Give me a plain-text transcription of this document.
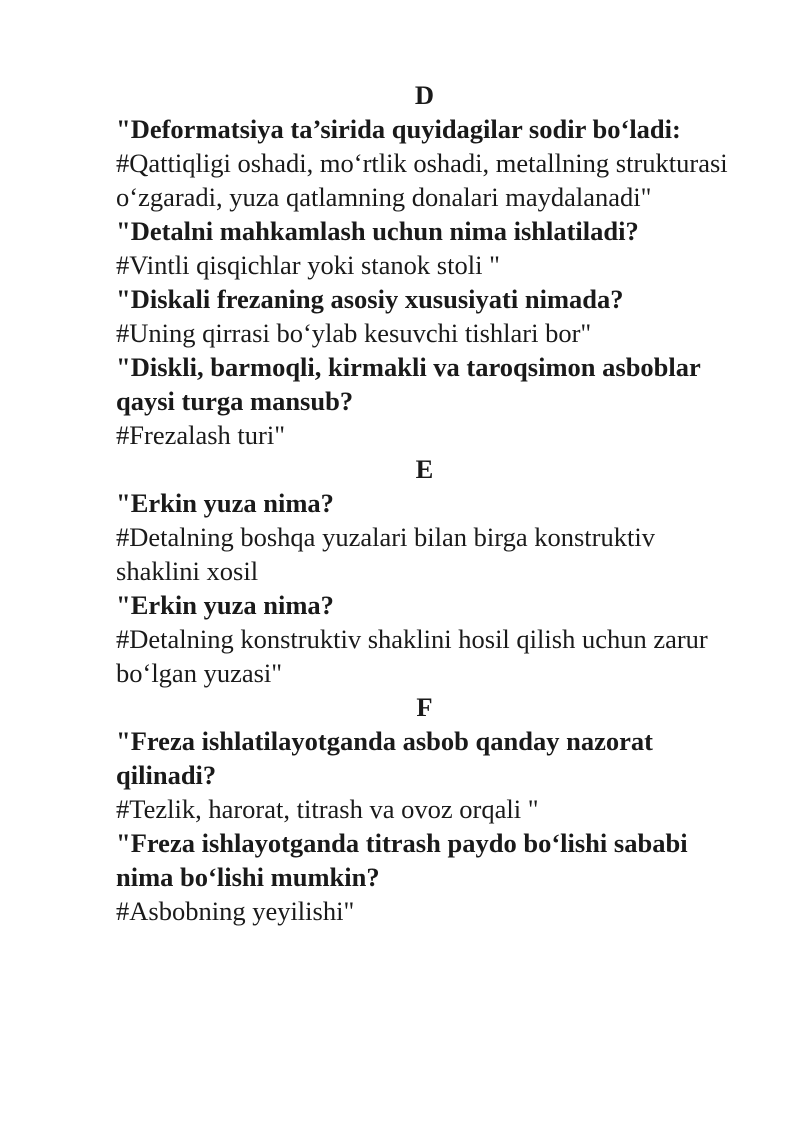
D

"Deformatsiya ta’sirida quyidagilar sodir bo‘ladi:

#Qattiqligi oshadi, mo‘rtlik oshadi, metallning strukturasi o‘zgaradi, yuza qatlamning donalari maydalanadi"

"Detalni mahkamlash uchun nima ishlatiladi?

#Vintli qisqichlar yoki stanok stoli "

"Diskali frezaning asosiy xususiyati nimada?

#Uning qirrasi bo‘ylab kesuvchi tishlari bor"

"Diskli, barmoqli, kirmakli va taroqsimon asboblar qaysi turga mansub?

#Frezalash turi"

E

"Erkin yuza nima?

#Detalning boshqa yuzalari bilan birga konstruktiv shaklini xosil

"Erkin yuza nima?

#Detalning konstruktiv shaklini hosil qilish uchun zarur bo‘lgan yuzasi"

F

"Freza ishlatilayotganda asbob qanday nazorat qilinadi?

#Tezlik, harorat, titrash va ovoz orqali "

"Freza ishlayotganda titrash paydo bo‘lishi sababi nima bo‘lishi mumkin?

#Asbobning yeyilishi"
